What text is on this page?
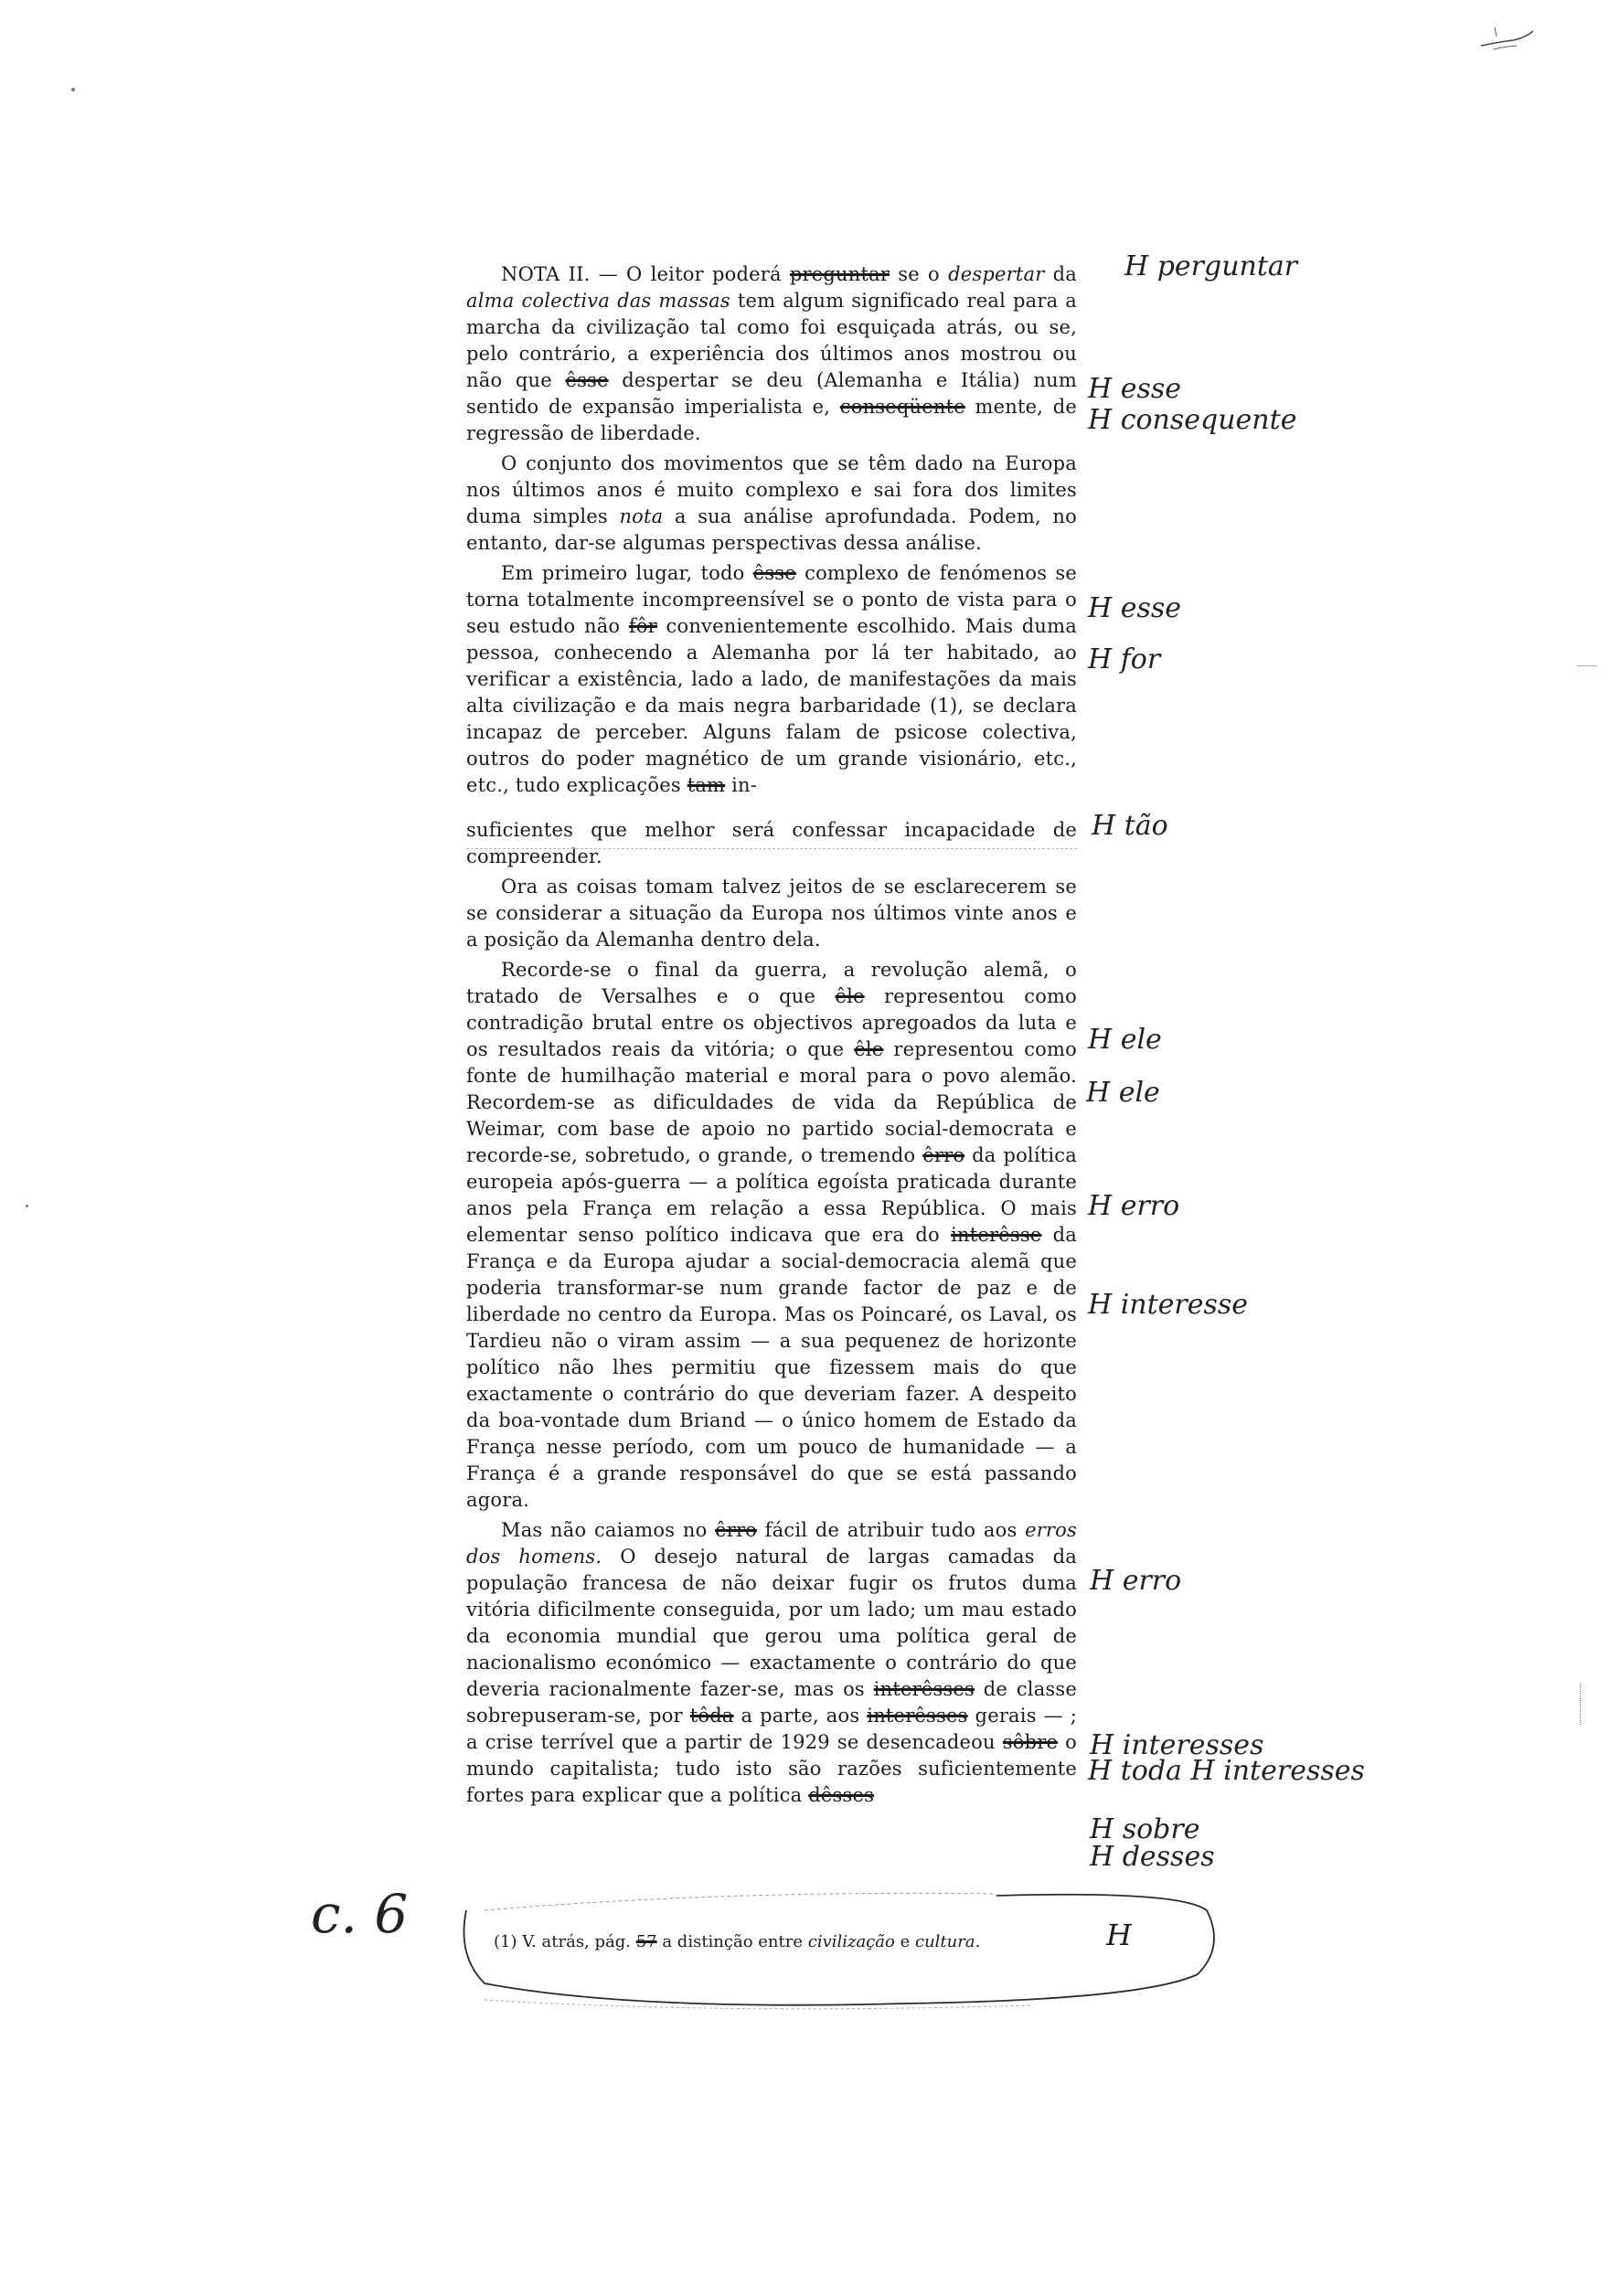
NOTA II. — O leitor poderá preguntar se o despertar da alma colectiva das massas tem algum significado real para a marcha da civilização tal como foi esquiçada atrás, ou se, pelo contrário, a experiência dos últimos anos mostrou ou não que êsse despertar se deu (Alemanha e Itália) num sentido de expansão imperialista e, conseqüente mente, de regressão de liberdade.

O conjunto dos movimentos que se têm dado na Europa nos últimos anos é muito complexo e sai fora dos limites duma simples nota a sua análise aprofundada. Podem, no entanto, dar-se algumas perspectivas dessa análise.

Em primeiro lugar, todo êsse complexo de fenómenos se torna totalmente incompreensível se o ponto de vista para o seu estudo não fôr convenientemente escolhido. Mais duma pessoa, conhecendo a Alemanha por lá ter habitado, ao verificar a existência, lado a lado, de manifestações da mais alta civilização e da mais negra barbaridade (1), se declara incapaz de perceber. Alguns falam de psicose colectiva, outros do poder magnético de um grande visionário, etc., etc., tudo explicações tam in-

suficientes que melhor será confessar incapacidade de compreender.

Ora as coisas tomam talvez jeitos de se esclarecerem se se considerar a situação da Europa nos últimos vinte anos e a posição da Alemanha dentro dela.

Recorde-se o final da guerra, a revolução alemã, o tratado de Versalhes e o que êle representou como contradição brutal entre os objectivos apregoados da luta e os resultados reais da vitória; o que êle representou como fonte de humilhação material e moral para o povo alemão. Recordem-se as dificuldades de vida da República de Weimar, com base de apoio no partido social-democrata e recorde-se, sobretudo, o grande, o tremendo êrro da política europeia após-guerra — a política egoísta praticada durante anos pela França em relação a essa República. O mais elementar senso político indicava que era do interêsse da França e da Europa ajudar a social-democracia alemã que poderia transformar-se num grande factor de paz e de liberdade no centro da Europa. Mas os Poincaré, os Laval, os Tardieu não o viram assim — a sua pequenez de horizonte político não lhes permitiu que fizessem mais do que exactamente o contrário do que deveriam fazer. A despeito da boa-vontade dum Briand — o único homem de Estado da França nesse período, com um pouco de humanidade — a França é a grande responsável do que se está passando agora.

Mas não caiamos no êrro fácil de atribuir tudo aos erros dos homens. O desejo natural de largas camadas da população francesa de não deixar fugir os frutos duma vitória dificilmente conseguida, por um lado; um mau estado da economia mundial que gerou uma política geral de nacionalismo económico — exactamente o contrário do que deveria racionalmente fazer-se, mas os interêsses de classe sobrepuseram-se, por tôda a parte, aos interêsses gerais — ; a crise terrível que a partir de 1929 se desencadeou sôbre o mundo capitalista; tudo isto são razões suficientemente fortes para explicar que a política dêsses

H perguntar
H esse
H consequente
H esse
H for
H tão
H ele
H ele
H erro
H interesse
H erro
H interesses
H toda H interesses
H sobre
H desses
c. 6	(1) V. atrás, pág. 57 a distinção entre civilização e cultura.	H
